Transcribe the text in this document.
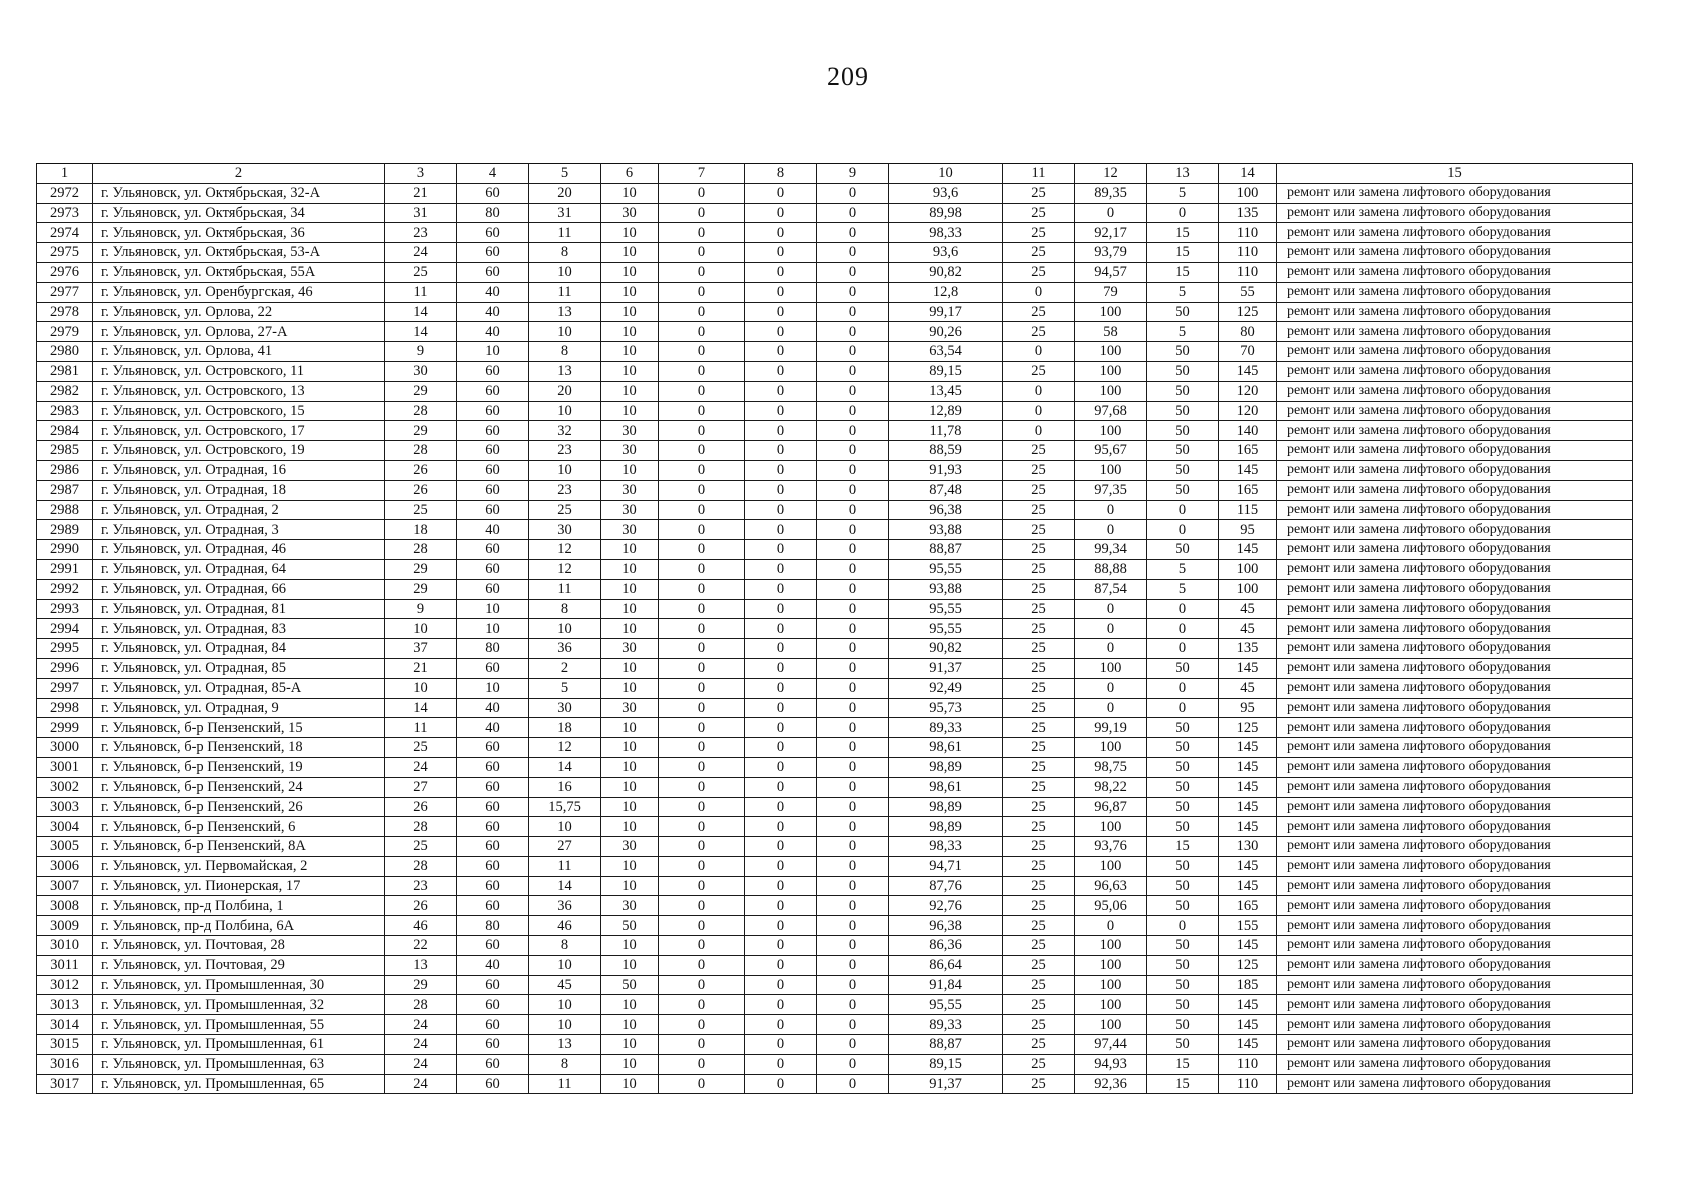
209
1	2	3	4	5	6	7	8	9	10	11	12	13	14	15
2972	г. Ульяновск, ул. Октябрьская, 32-А	21	60	20	10	0	0	0	93,6	25	89,35	5	100	ремонт или замена лифтового оборудования
2973	г. Ульяновск, ул. Октябрьская, 34	31	80	31	30	0	0	0	89,98	25	0	0	135	ремонт или замена лифтового оборудования
2974	г. Ульяновск, ул. Октябрьская, 36	23	60	11	10	0	0	0	98,33	25	92,17	15	110	ремонт или замена лифтового оборудования
2975	г. Ульяновск, ул. Октябрьская, 53-А	24	60	8	10	0	0	0	93,6	25	93,79	15	110	ремонт или замена лифтового оборудования
2976	г. Ульяновск, ул. Октябрьская, 55А	25	60	10	10	0	0	0	90,82	25	94,57	15	110	ремонт или замена лифтового оборудования
2977	г. Ульяновск, ул. Оренбургская, 46	11	40	11	10	0	0	0	12,8	0	79	5	55	ремонт или замена лифтового оборудования
2978	г. Ульяновск, ул. Орлова, 22	14	40	13	10	0	0	0	99,17	25	100	50	125	ремонт или замена лифтового оборудования
2979	г. Ульяновск, ул. Орлова, 27-А	14	40	10	10	0	0	0	90,26	25	58	5	80	ремонт или замена лифтового оборудования
2980	г. Ульяновск, ул. Орлова, 41	9	10	8	10	0	0	0	63,54	0	100	50	70	ремонт или замена лифтового оборудования
2981	г. Ульяновск, ул. Островского, 11	30	60	13	10	0	0	0	89,15	25	100	50	145	ремонт или замена лифтового оборудования
2982	г. Ульяновск, ул. Островского, 13	29	60	20	10	0	0	0	13,45	0	100	50	120	ремонт или замена лифтового оборудования
2983	г. Ульяновск, ул. Островского, 15	28	60	10	10	0	0	0	12,89	0	97,68	50	120	ремонт или замена лифтового оборудования
2984	г. Ульяновск, ул. Островского, 17	29	60	32	30	0	0	0	11,78	0	100	50	140	ремонт или замена лифтового оборудования
2985	г. Ульяновск, ул. Островского, 19	28	60	23	30	0	0	0	88,59	25	95,67	50	165	ремонт или замена лифтового оборудования
2986	г. Ульяновск, ул. Отрадная, 16	26	60	10	10	0	0	0	91,93	25	100	50	145	ремонт или замена лифтового оборудования
2987	г. Ульяновск, ул. Отрадная, 18	26	60	23	30	0	0	0	87,48	25	97,35	50	165	ремонт или замена лифтового оборудования
2988	г. Ульяновск, ул. Отрадная, 2	25	60	25	30	0	0	0	96,38	25	0	0	115	ремонт или замена лифтового оборудования
2989	г. Ульяновск, ул. Отрадная, 3	18	40	30	30	0	0	0	93,88	25	0	0	95	ремонт или замена лифтового оборудования
2990	г. Ульяновск, ул. Отрадная, 46	28	60	12	10	0	0	0	88,87	25	99,34	50	145	ремонт или замена лифтового оборудования
2991	г. Ульяновск, ул. Отрадная, 64	29	60	12	10	0	0	0	95,55	25	88,88	5	100	ремонт или замена лифтового оборудования
2992	г. Ульяновск, ул. Отрадная, 66	29	60	11	10	0	0	0	93,88	25	87,54	5	100	ремонт или замена лифтового оборудования
2993	г. Ульяновск, ул. Отрадная, 81	9	10	8	10	0	0	0	95,55	25	0	0	45	ремонт или замена лифтового оборудования
2994	г. Ульяновск, ул. Отрадная, 83	10	10	10	10	0	0	0	95,55	25	0	0	45	ремонт или замена лифтового оборудования
2995	г. Ульяновск, ул. Отрадная, 84	37	80	36	30	0	0	0	90,82	25	0	0	135	ремонт или замена лифтового оборудования
2996	г. Ульяновск, ул. Отрадная, 85	21	60	2	10	0	0	0	91,37	25	100	50	145	ремонт или замена лифтового оборудования
2997	г. Ульяновск, ул. Отрадная, 85-А	10	10	5	10	0	0	0	92,49	25	0	0	45	ремонт или замена лифтового оборудования
2998	г. Ульяновск, ул. Отрадная, 9	14	40	30	30	0	0	0	95,73	25	0	0	95	ремонт или замена лифтового оборудования
2999	г. Ульяновск, б-р Пензенский, 15	11	40	18	10	0	0	0	89,33	25	99,19	50	125	ремонт или замена лифтового оборудования
3000	г. Ульяновск, б-р Пензенский, 18	25	60	12	10	0	0	0	98,61	25	100	50	145	ремонт или замена лифтового оборудования
3001	г. Ульяновск, б-р Пензенский, 19	24	60	14	10	0	0	0	98,89	25	98,75	50	145	ремонт или замена лифтового оборудования
3002	г. Ульяновск, б-р Пензенский, 24	27	60	16	10	0	0	0	98,61	25	98,22	50	145	ремонт или замена лифтового оборудования
3003	г. Ульяновск, б-р Пензенский, 26	26	60	15,75	10	0	0	0	98,89	25	96,87	50	145	ремонт или замена лифтового оборудования
3004	г. Ульяновск, б-р Пензенский, 6	28	60	10	10	0	0	0	98,89	25	100	50	145	ремонт или замена лифтового оборудования
3005	г. Ульяновск, б-р Пензенский, 8А	25	60	27	30	0	0	0	98,33	25	93,76	15	130	ремонт или замена лифтового оборудования
3006	г. Ульяновск, ул. Первомайская, 2	28	60	11	10	0	0	0	94,71	25	100	50	145	ремонт или замена лифтового оборудования
3007	г. Ульяновск, ул. Пионерская, 17	23	60	14	10	0	0	0	87,76	25	96,63	50	145	ремонт или замена лифтового оборудования
3008	г. Ульяновск, пр-д Полбина, 1	26	60	36	30	0	0	0	92,76	25	95,06	50	165	ремонт или замена лифтового оборудования
3009	г. Ульяновск, пр-д Полбина, 6А	46	80	46	50	0	0	0	96,38	25	0	0	155	ремонт или замена лифтового оборудования
3010	г. Ульяновск, ул. Почтовая, 28	22	60	8	10	0	0	0	86,36	25	100	50	145	ремонт или замена лифтового оборудования
3011	г. Ульяновск, ул. Почтовая, 29	13	40	10	10	0	0	0	86,64	25	100	50	125	ремонт или замена лифтового оборудования
3012	г. Ульяновск, ул. Промышленная, 30	29	60	45	50	0	0	0	91,84	25	100	50	185	ремонт или замена лифтового оборудования
3013	г. Ульяновск, ул. Промышленная, 32	28	60	10	10	0	0	0	95,55	25	100	50	145	ремонт или замена лифтового оборудования
3014	г. Ульяновск, ул. Промышленная, 55	24	60	10	10	0	0	0	89,33	25	100	50	145	ремонт или замена лифтового оборудования
3015	г. Ульяновск, ул. Промышленная, 61	24	60	13	10	0	0	0	88,87	25	97,44	50	145	ремонт или замена лифтового оборудования
3016	г. Ульяновск, ул. Промышленная, 63	24	60	8	10	0	0	0	89,15	25	94,93	15	110	ремонт или замена лифтового оборудования
3017	г. Ульяновск, ул. Промышленная, 65	24	60	11	10	0	0	0	91,37	25	92,36	15	110	ремонт или замена лифтового оборудования
